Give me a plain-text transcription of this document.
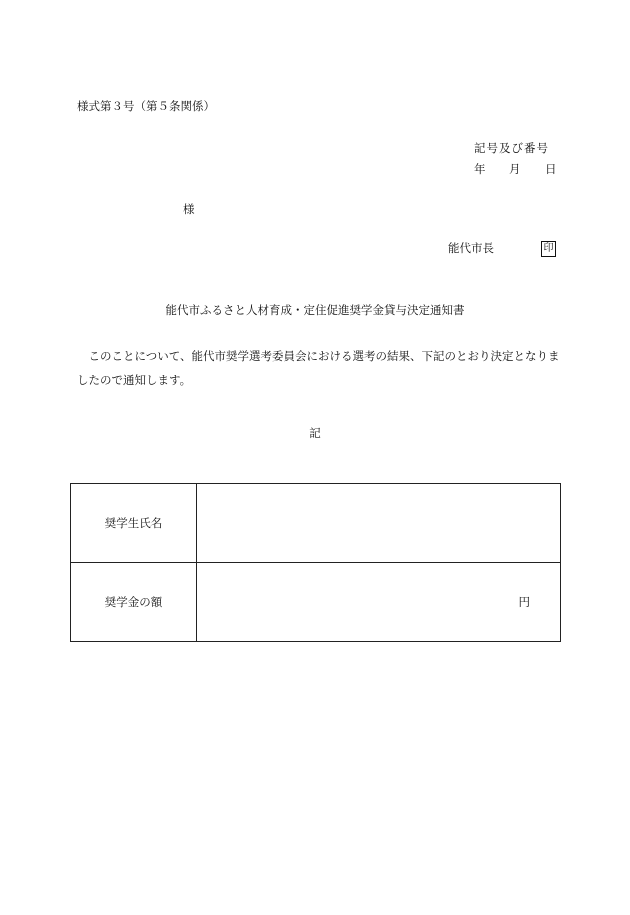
様式第３号（第５条関係）
記号及び番号
年 月 日
様
能代市長	印
能代市ふるさと人材育成・定住促進奨学金貸与決定通知書

このことについて、能代市奨学選考委員会における選考の結果、下記のとおり決定となりましたので通知します。

記
奨学生氏名	
奨学金の額	円
